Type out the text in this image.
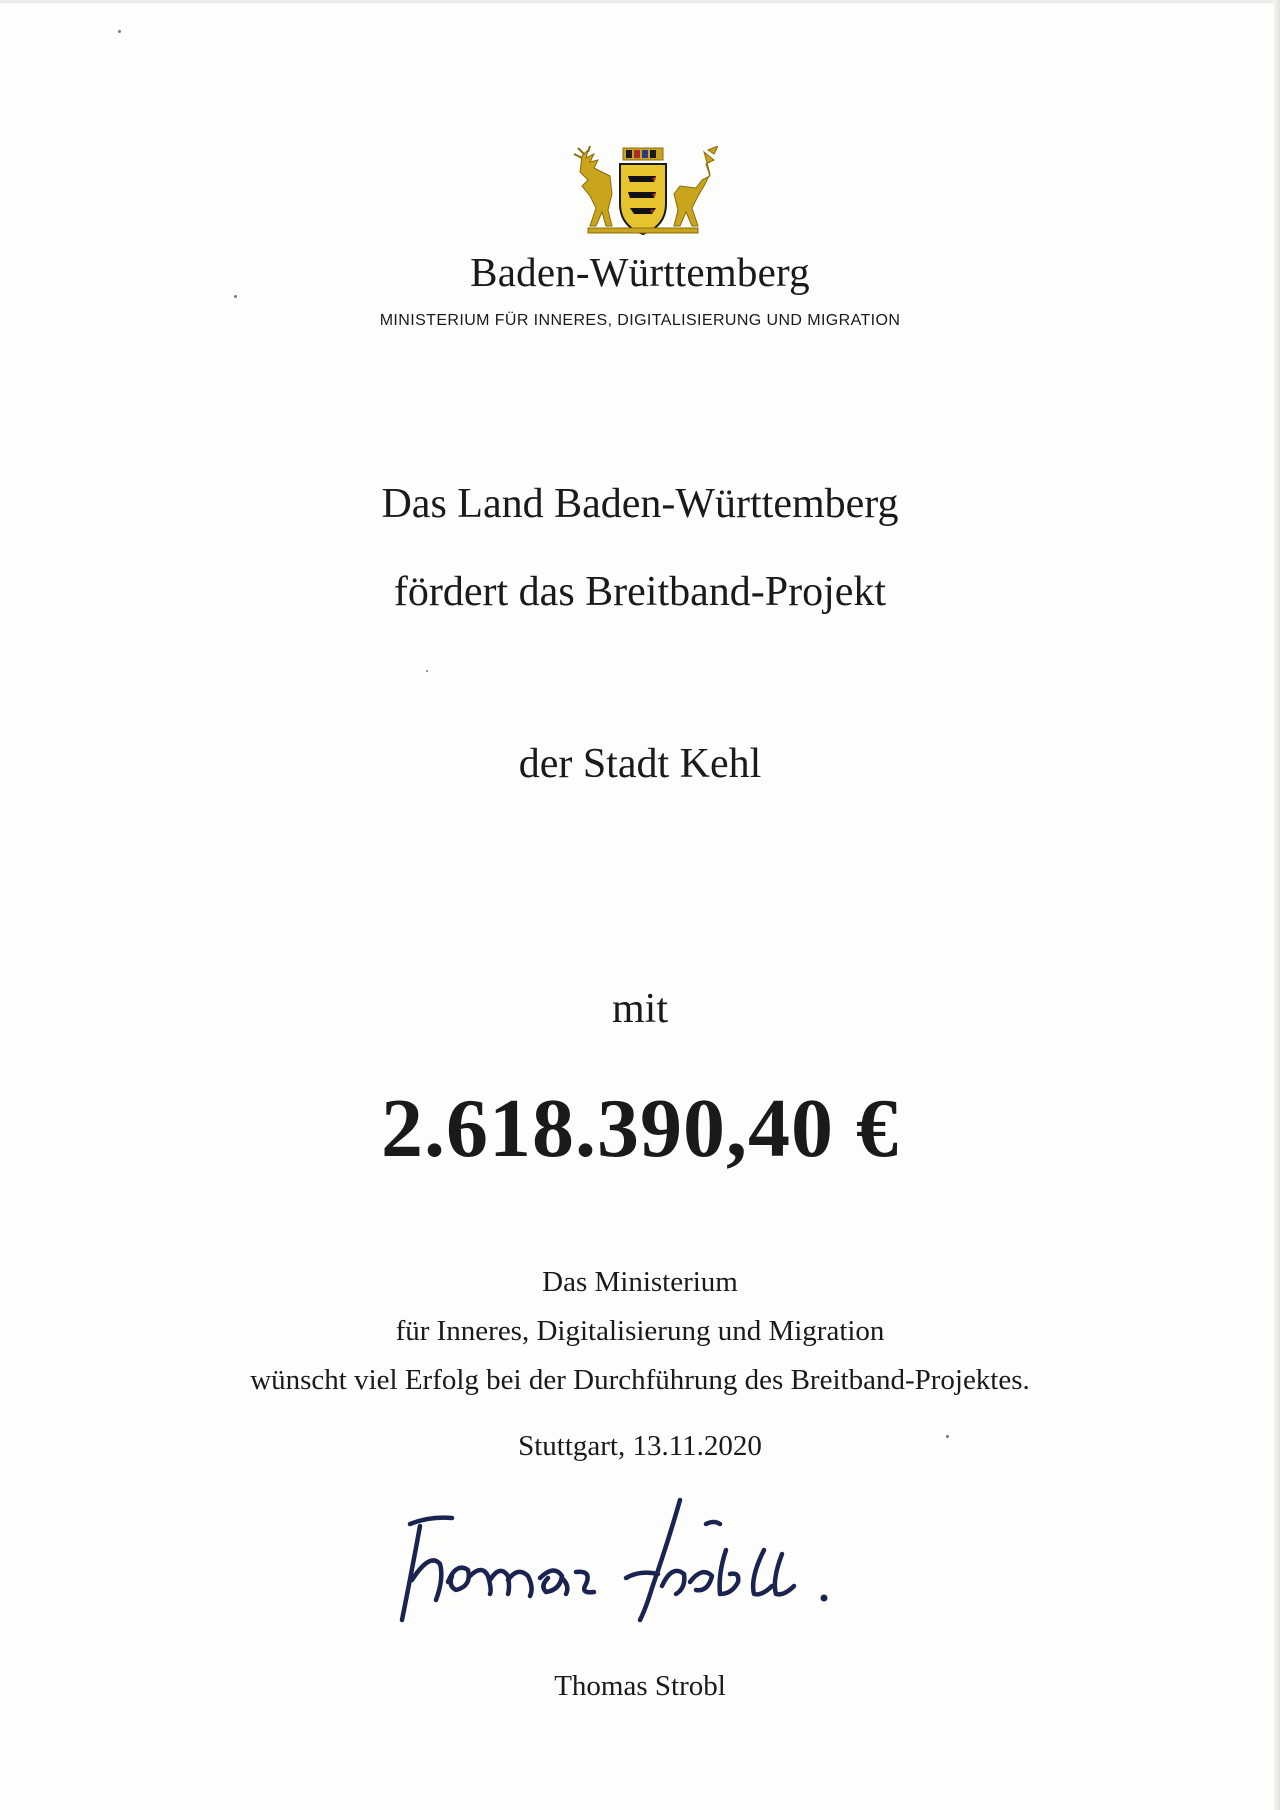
Baden-Württemberg
MINISTERIUM FÜR INNERES, DIGITALISIERUNG UND MIGRATION
Das Land Baden-Württemberg
fördert das Breitband-Projekt
der Stadt Kehl
mit
2.618.390,40 €
Das Ministerium
für Inneres, Digitalisierung und Migration
wünscht viel Erfolg bei der Durchführung des Breitband-Projektes.
Stuttgart, 13.11.2020
Thomas Strobl
